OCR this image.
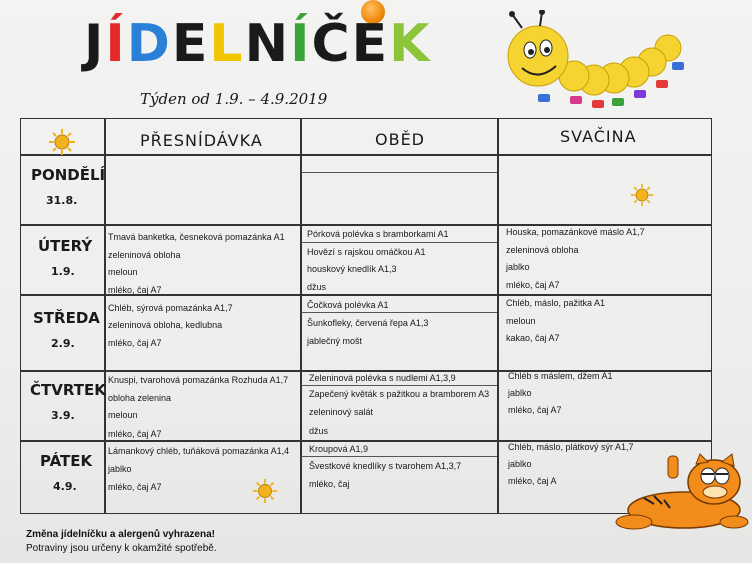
JÍDELNÍČEK
Týden od 1.9. – 4.9.2019
PŘESNÍDÁVKA	OBĚD	SVAČINA
PONDĚLÍ
31.8.
ÚTERÝ
1.9.
Tmavá banketka, česneková pomazánka A1
zeleninová obloha
meloun
mléko, čaj A7
Pórková polévka s bramborkami A1
Hovězí s rajskou omáčkou A1
houskový knedlík A1,3
džus
Houska, pomazánkové máslo A1,7
zeleninová obloha
jablko
mléko, čaj A7
STŘEDA
2.9.
Chléb, sýrová pomazánka A1,7
zeleninová obloha, kedlubna
mléko, čaj A7
Čočková polévka A1
Šunkofleky, červená řepa A1,3
jablečný mošt
Chléb, máslo, pažitka A1
meloun
kakao, čaj A7
ČTVRTEK
3.9.
Knuspi, tvarohová pomazánka Rozhuda A1,7
obloha zelenina
meloun
mléko, čaj A7
Zeleninová polévka s nudlemi A1,3,9
Zapečený květák s pažitkou a bramborem A3
zeleninový salát
džus
Chléb s máslem, džem A1
jablko
mléko, čaj A7
PÁTEK
4.9.
Lámankový chléb, tuňáková pomazánka A1,4
jablko
mléko, čaj A7
Kroupová A1,9
Švestkové knedlíky s tvarohem A1,3,7
mléko, čaj
Chléb, máslo, plátkový sýr A1,7
jablko
mléko, čaj A
Změna jídelníčku a alergenů vyhrazena!
Potraviny jsou určeny k okamžité spotřebě.
